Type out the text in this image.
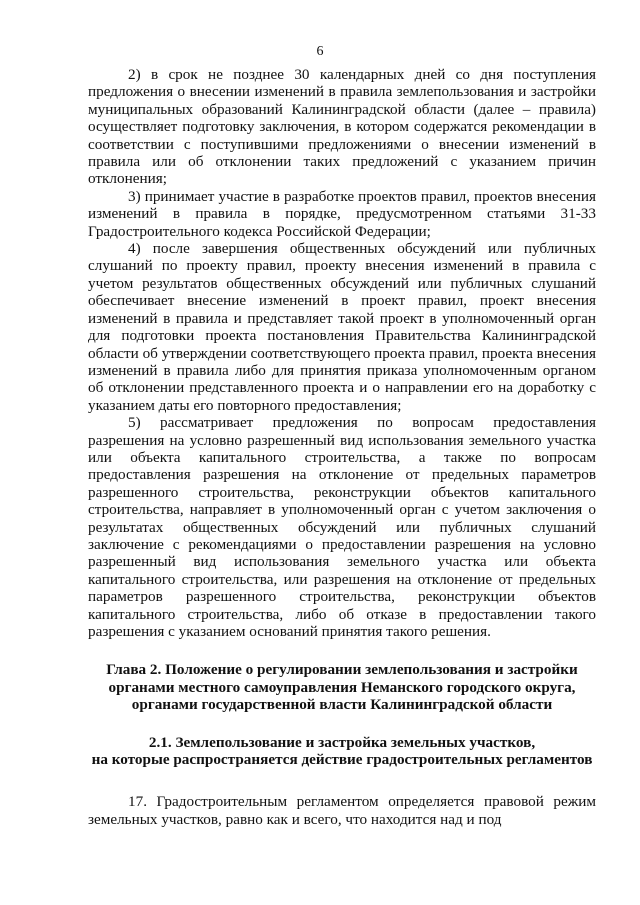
6

2) в срок не позднее 30 календарных дней со дня поступления предложения о внесении изменений в правила землепользования и застройки муниципальных образований Калининградской области (далее – правила) осуществляет подготовку заключения, в котором содержатся рекомендации в соответствии с поступившими предложениями о внесении изменений в правила или об отклонении таких предложений с указанием причин отклонения;

3) принимает участие в разработке проектов правил, проектов внесения изменений в правила в порядке, предусмотренном статьями 31-33 Градостроительного кодекса Российской Федерации;

4) после завершения общественных обсуждений или публичных слушаний по проекту правил, проекту внесения изменений в правила с учетом результатов общественных обсуждений или публичных слушаний обеспечивает внесение изменений в проект правил, проект внесения изменений в правила и представляет такой проект в уполномоченный орган для подготовки проекта постановления Правительства Калининградской области об утверждении соответствующего проекта правил, проекта внесения изменений в правила либо для принятия приказа уполномоченным органом об отклонении представленного проекта и о направлении его на доработку с указанием даты его повторного предоставления;

5) рассматривает предложения по вопросам предоставления разрешения на условно разрешенный вид использования земельного участка или объекта капитального строительства, а также по вопросам предоставления разрешения на отклонение от предельных параметров разрешенного строительства, реконструкции объектов капитального строительства, направляет в уполномоченный орган с учетом заключения о результатах общественных обсуждений или публичных слушаний заключение с рекомендациями о предоставлении разрешения на условно разрешенный вид использования земельного участка или объекта капитального строительства, или разрешения на отклонение от предельных параметров разрешенного строительства, реконструкции объектов капитального строительства, либо об отказе в предоставлении такого разрешения с указанием оснований принятия такого решения.

Глава 2. Положение о регулировании землепользования и застройки
органами местного самоуправления Неманского городского округа,
органами государственной власти Калининградской области
2.1. Землепользование и застройка земельных участков,
на которые распространяется действие градостроительных регламентов

17. Градостроительным регламентом определяется правовой режим земельных участков, равно как и всего, что находится над и под
